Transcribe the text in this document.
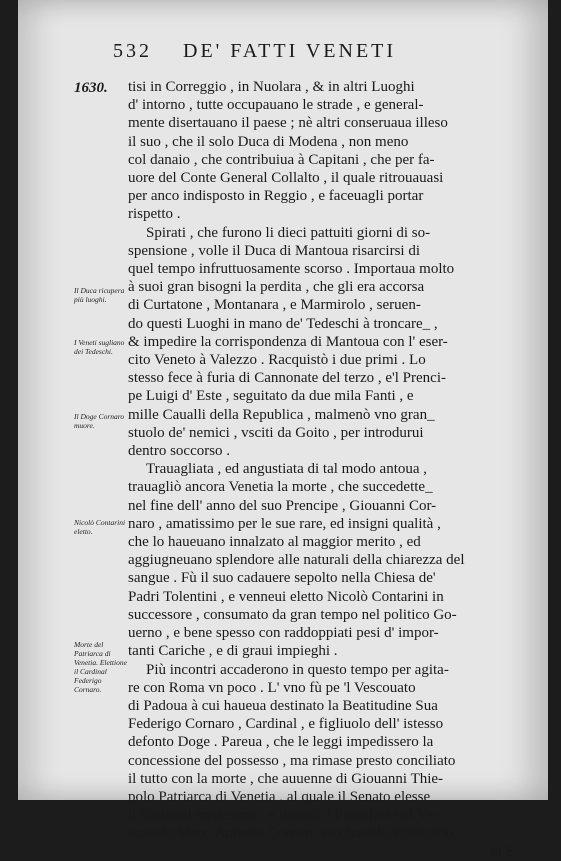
532 DE' FATTI VENETI
1630.
Il Duca ricupera più luoghi.
I Veneti sugliano dei Tedeschi.
Il Doge Cornaro muore.
Nicolò Contarini eletto.
Morte del Patriarca di Venetia. Elettione il Cardinal Federigo Cornaro.
tisi in Correggio , in Nuolara , & in altri Luoghi
d' intorno , tutte occupauano le strade , e general-
mente disertauano il paese ; nè altri conseruaua illeso
il suo , che il solo Duca di Modena , non meno
col danaio , che contribuiua à Capitani , che per fa-
uore del Conte General Collalto , il quale ritrouauasi
per anco indisposto in Reggio , e faceuagli portar
rispetto .
Spirati , che furono li dieci pattuiti giorni di so-
spensione , volle il Duca di Mantoua risarcirsi di
quel tempo infruttuosamente scorso . Importaua molto
à suoi gran bisogni la perdita , che gli era accorsa
di Curtatone , Montanara , e Marmirolo , seruen-
do questi Luoghi in mano de' Tedeschi à troncare_ ,
& impedire la corrispondenza di Mantoua con l' eser-
cito Veneto à Valezzo . Racquistò i due primi . Lo
stesso fece à furia di Cannonate del terzo , e'l Prenci-
pe Luigi d' Este , seguitato da due mila Fanti , e
mille Caualli della Republica , malmenò vno gran_
stuolo de' nemici , vsciti da Goito , per introdurui
dentro soccorso .
Trauagliata , ed angustiata di tal modo antoua ,
trauagliò ancora Venetia la morte , che succedette_
nel fine dell' anno del suo Prencipe , Giouanni Cor-
naro , amatissimo per le sue rare, ed insigni qualità ,
che lo haueuano innalzato al maggior merito , ed
aggiugneuano splendore alle naturali della chiarezza del
sangue . Fù il suo cadauere sepolto nella Chiesa de'
Padri Tolentini , e venneui eletto Nicolò Contarini in
successore , consumato da gran tempo nel politico Go-
uerno , e bene spesso con raddoppiati pesi d' impor-
tanti Cariche , e di graui impieghi .
Più incontri accaderono in questo tempo per agita-
re con Roma vn poco . L' vno fù pe 'l Vescouato
di Padoua à cui haueua destinato la Beatitudine Sua
Federigo Cornaro , Cardinal , e figliuolo dell' istesso
defonto Doge . Pareua , che le leggi impedissero la
concessione del possesso , ma rimase presto conciliato
il tutto con la morte , che auuenne di Giouanni Thie-
polo Patriarca di Venetia , al quale il Senato elesse
il Cardinal medesimo , e inuestì il Pontefice nel Ve-
scouato Marc' Antonio Cornaro suo fratello Primicirio
di S.
